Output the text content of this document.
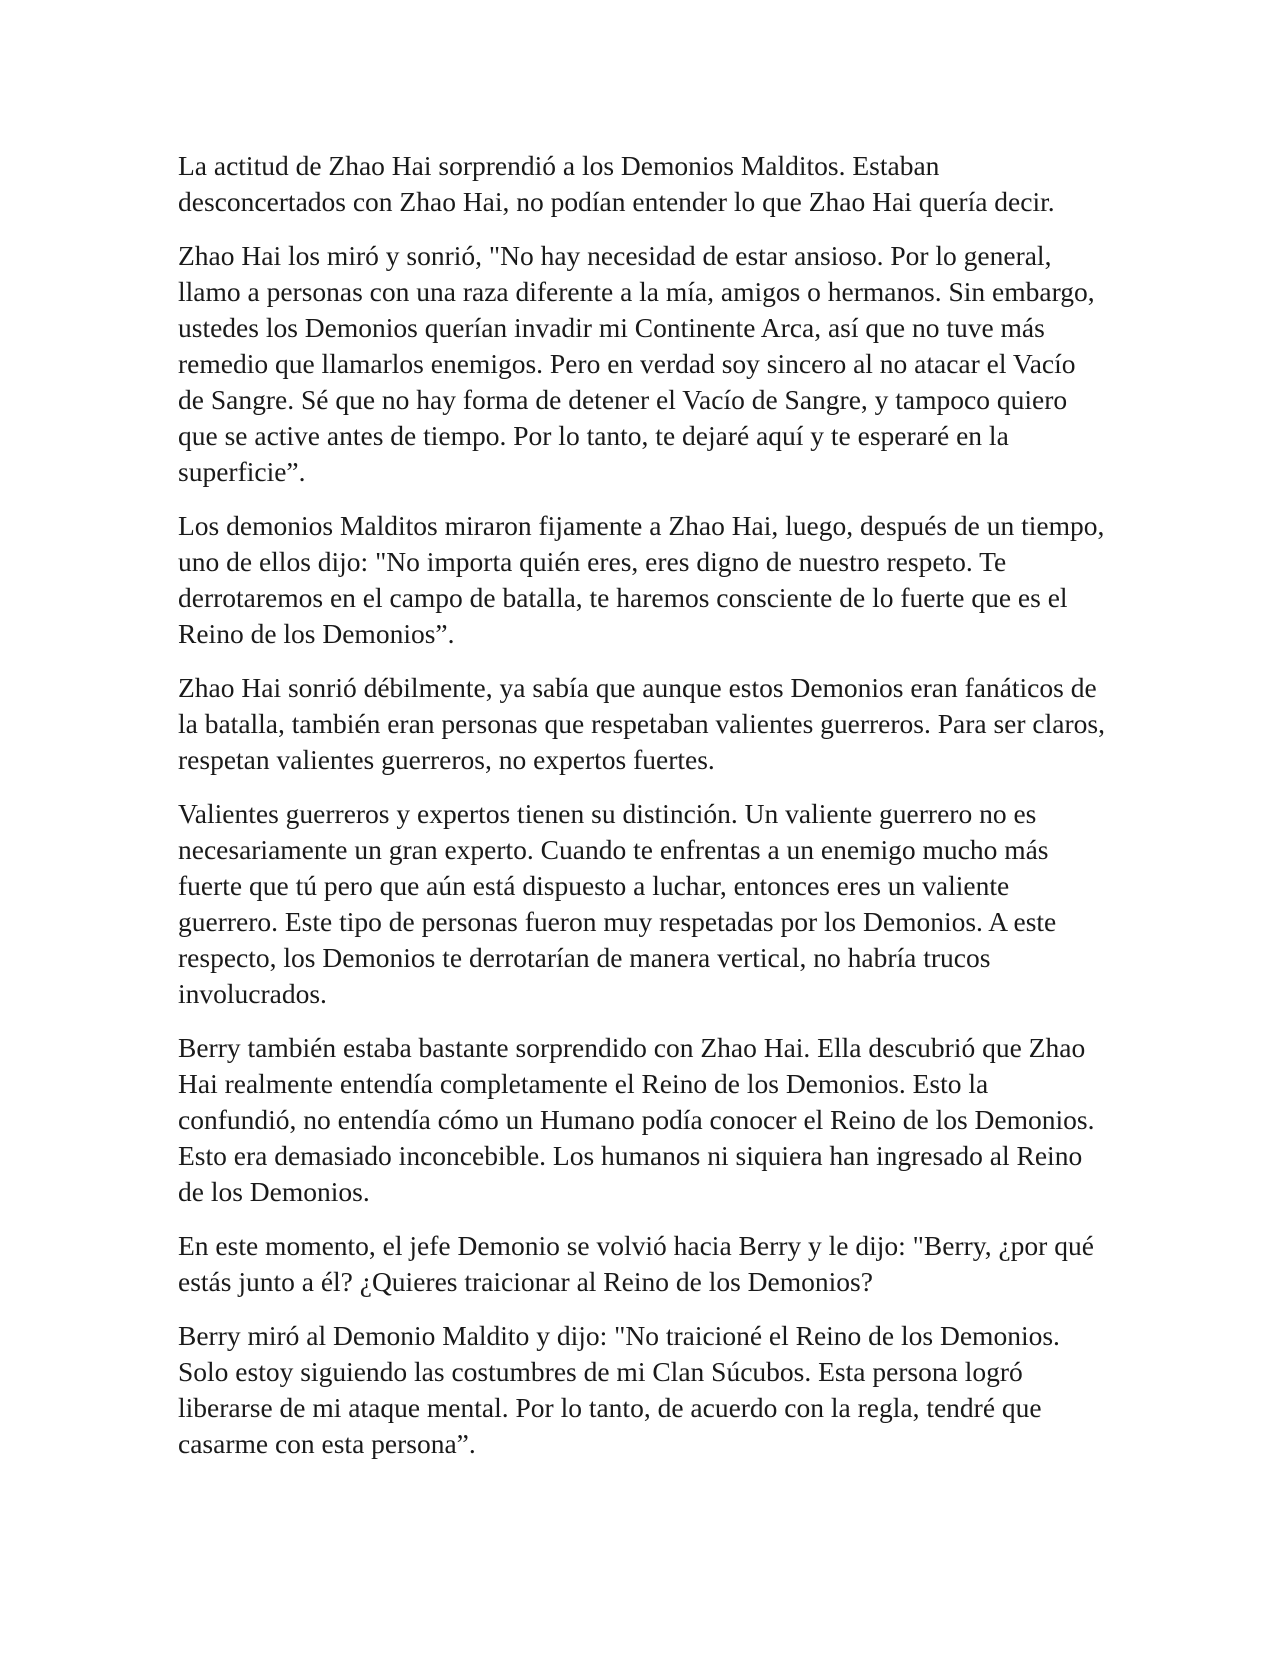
La actitud de Zhao Hai sorprendió a los Demonios Malditos. Estaban desconcertados con Zhao Hai, no podían entender lo que Zhao Hai quería decir.

Zhao Hai los miró y sonrió, "No hay necesidad de estar ansioso. Por lo general, llamo a personas con una raza diferente a la mía, amigos o hermanos. Sin embargo, ustedes los Demonios querían invadir mi Continente Arca, así que no tuve más remedio que llamarlos enemigos. Pero en verdad soy sincero al no atacar el Vacío de Sangre. Sé que no hay forma de detener el Vacío de Sangre, y tampoco quiero que se active antes de tiempo. Por lo tanto, te dejaré aquí y te esperaré en la superficie”.

Los demonios Malditos miraron fijamente a Zhao Hai, luego, después de un tiempo, uno de ellos dijo: "No importa quién eres, eres digno de nuestro respeto. Te derrotaremos en el campo de batalla, te haremos consciente de lo fuerte que es el Reino de los Demonios”.

Zhao Hai sonrió débilmente, ya sabía que aunque estos Demonios eran fanáticos de la batalla, también eran personas que respetaban valientes guerreros. Para ser claros, respetan valientes guerreros, no expertos fuertes.

Valientes guerreros y expertos tienen su distinción. Un valiente guerrero no es necesariamente un gran experto. Cuando te enfrentas a un enemigo mucho más fuerte que tú pero que aún está dispuesto a luchar, entonces eres un valiente guerrero. Este tipo de personas fueron muy respetadas por los Demonios. A este respecto, los Demonios te derrotarían de manera vertical, no habría trucos involucrados.

Berry también estaba bastante sorprendido con Zhao Hai. Ella descubrió que Zhao Hai realmente entendía completamente el Reino de los Demonios. Esto la confundió, no entendía cómo un Humano podía conocer el Reino de los Demonios. Esto era demasiado inconcebible. Los humanos ni siquiera han ingresado al Reino de los Demonios.

En este momento, el jefe Demonio se volvió hacia Berry y le dijo: "Berry, ¿por qué estás junto a él? ¿Quieres traicionar al Reino de los Demonios?

Berry miró al Demonio Maldito y dijo: "No traicioné el Reino de los Demonios. Solo estoy siguiendo las costumbres de mi Clan Súcubos. Esta persona logró liberarse de mi ataque mental. Por lo tanto, de acuerdo con la regla, tendré que casarme con esta persona”.
